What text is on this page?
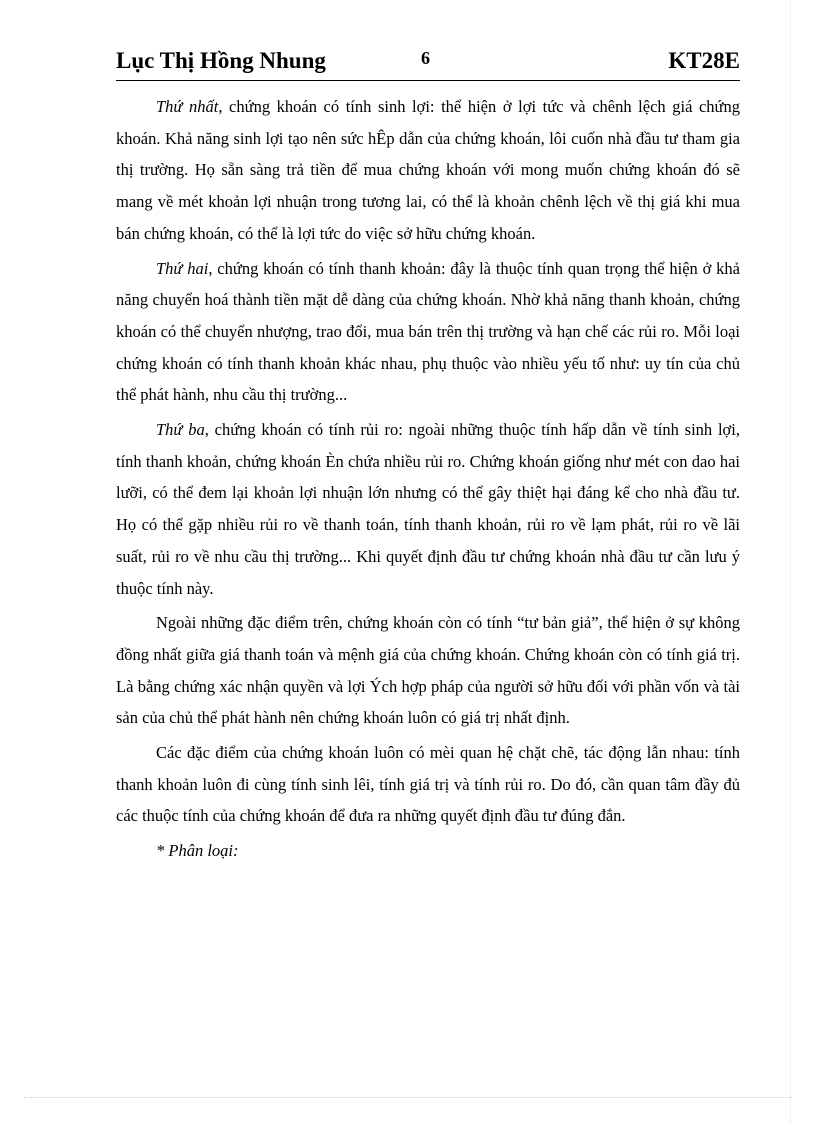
Lục Thị Hồng Nhung	6	KT28E

Thứ nhất, chứng khoán có tính sinh lợi: thể hiện ở lợi tức và chênh lệch giá chứng khoán. Khả năng sinh lợi tạo nên sức hÊp dẫn của chứng khoán, lôi cuốn nhà đầu tư tham gia thị trường. Họ sẵn sàng trả tiền để mua chứng khoán với mong muốn chứng khoán đó sẽ mang về mét khoản lợi nhuận trong tương lai, có thể là khoản chênh lệch về thị giá khi mua bán chứng khoán, có thể là lợi tức do việc sở hữu chứng khoán.

Thứ hai, chứng khoán có tính thanh khoản: đây là thuộc tính quan trọng thể hiện ở khả năng chuyển hoá thành tiền mặt dễ dàng của chứng khoán. Nhờ khả năng thanh khoản, chứng khoán có thể chuyển nhượng, trao đổi, mua bán trên thị trường và hạn chế các rủi ro. Mỗi loại chứng khoán có tính thanh khoản khác nhau, phụ thuộc vào nhiều yếu tố như: uy tín của chủ thể phát hành, nhu cầu thị trường...

Thứ ba, chứng khoán có tính rủi ro: ngoài những thuộc tính hấp dẫn về tính sinh lợi, tính thanh khoản, chứng khoán Èn chứa nhiều rủi ro. Chứng khoán giống như mét con dao hai lưỡi, có thể đem lại khoản lợi nhuận lớn nhưng có thể gây thiệt hại đáng kể cho nhà đầu tư. Họ có thể gặp nhiều rủi ro về thanh toán, tính thanh khoản, rủi ro về lạm phát, rủi ro về lãi suất, rủi ro về nhu cầu thị trường... Khi quyết định đầu tư chứng khoán nhà đầu tư cần lưu ý thuộc tính này.

Ngoài những đặc điểm trên, chứng khoán còn có tính “tư bản giả”, thể hiện ở sự không đồng nhất giữa giá thanh toán và mệnh giá của chứng khoán. Chứng khoán còn có tính giá trị. Là bằng chứng xác nhận quyền và lợi Ých hợp pháp của người sở hữu đối với phần vốn và tài sản của chủ thể phát hành nên chứng khoán luôn có giá trị nhất định.

Các đặc điểm của chứng khoán luôn có mèi quan hệ chặt chẽ, tác động lẫn nhau: tính thanh khoản luôn đi cùng tính sinh lêi, tính giá trị và tính rủi ro. Do đó, cần quan tâm đầy đủ các thuộc tính của chứng khoán để đưa ra những quyết định đầu tư đúng đắn.

* Phân loại:
